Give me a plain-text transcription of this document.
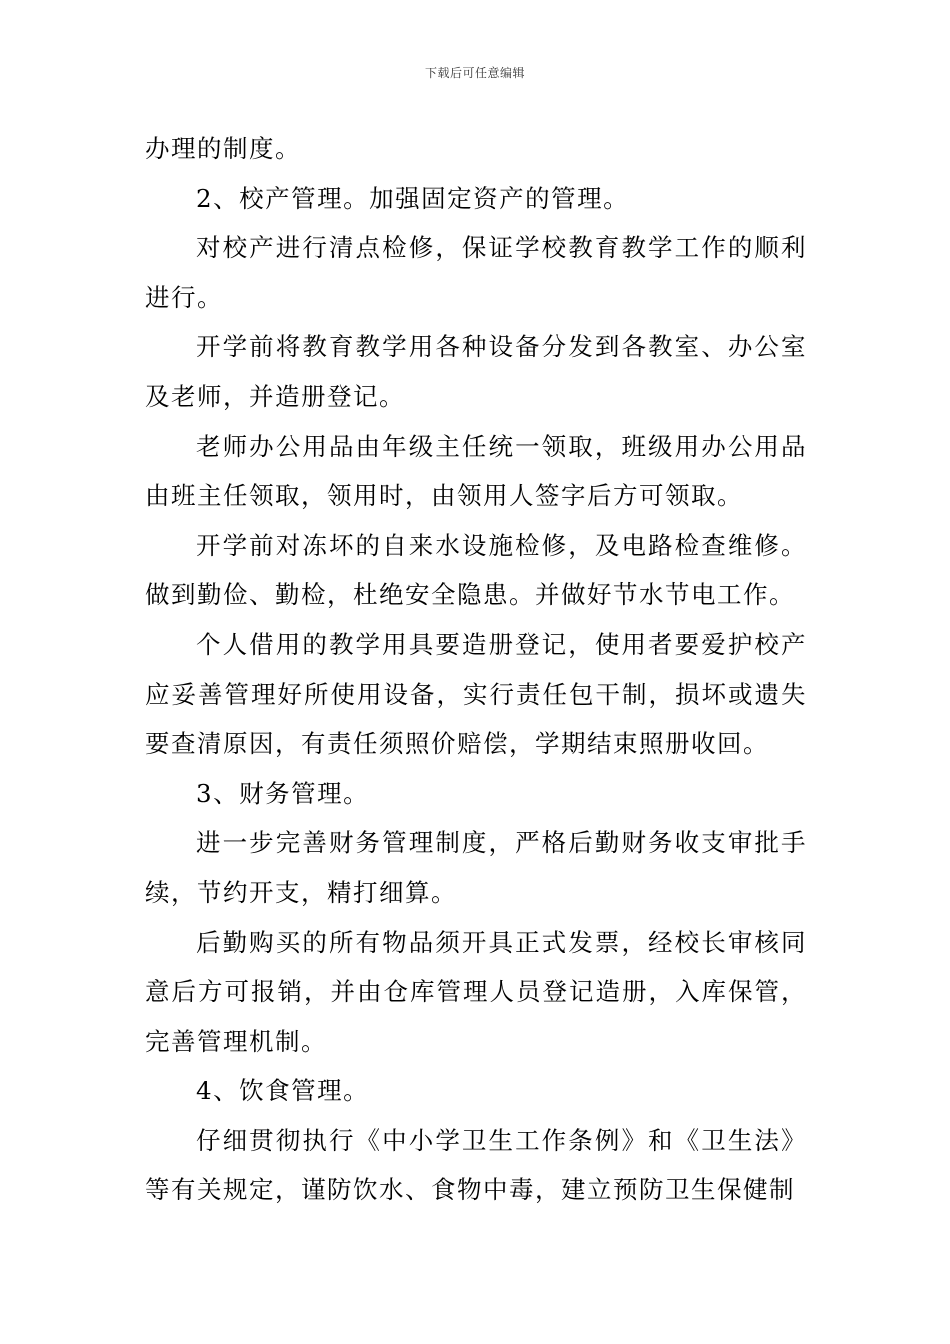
下载后可任意编辑

办理的制度。

2、校产管理。加强固定资产的管理。

对校产进行清点检修，保证学校教育教学工作的顺利进行。

开学前将教育教学用各种设备分发到各教室、办公室及老师，并造册登记。

老师办公用品由年级主任统一领取，班级用办公用品由班主任领取，领用时，由领用人签字后方可领取。

开学前对冻坏的自来水设施检修，及电路检查维修。做到勤俭、勤检，杜绝安全隐患。并做好节水节电工作。

个人借用的教学用具要造册登记，使用者要爱护校产应妥善管理好所使用设备，实行责任包干制，损坏或遗失要查清原因，有责任须照价赔偿，学期结束照册收回。

3、财务管理。

进一步完善财务管理制度，严格后勤财务收支审批手续，节约开支，精打细算。

后勤购买的所有物品须开具正式发票，经校长审核同意后方可报销，并由仓库管理人员登记造册，入库保管，完善管理机制。

4、饮食管理。

仔细贯彻执行《中小学卫生工作条例》和《卫生法》等有关规定，谨防饮水、食物中毒，建立预防卫生保健制
